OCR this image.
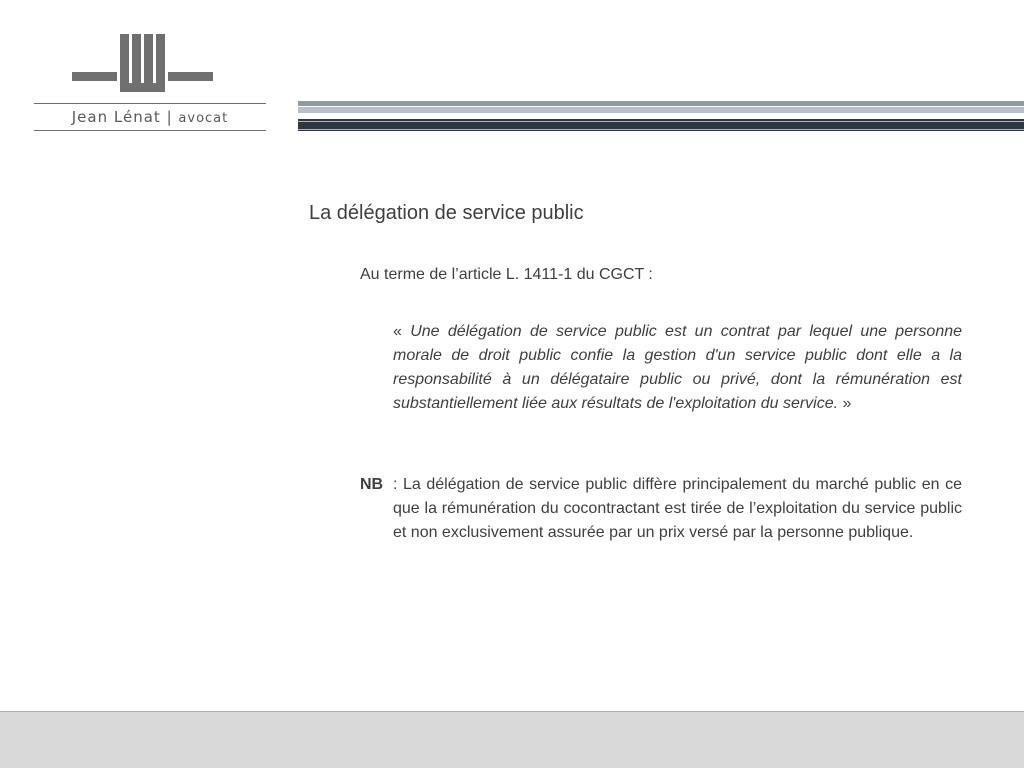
Jean Lénat | avocat
La délégation de service public

Au terme de l’article L. 1411-1 du CGCT :

« Une délégation de service public est un contrat par lequel une personne morale de droit public confie la gestion d'un service public dont elle a la responsabilité à un délégataire public ou privé, dont la rémunération est substantiellement liée aux résultats de l'exploitation du service. »

NB : La délégation de service public diffère principalement du marché public en ce que la rémunération du cocontractant est tirée de l’exploitation du service public et non exclusivement assurée par un prix versé par la personne publique.
